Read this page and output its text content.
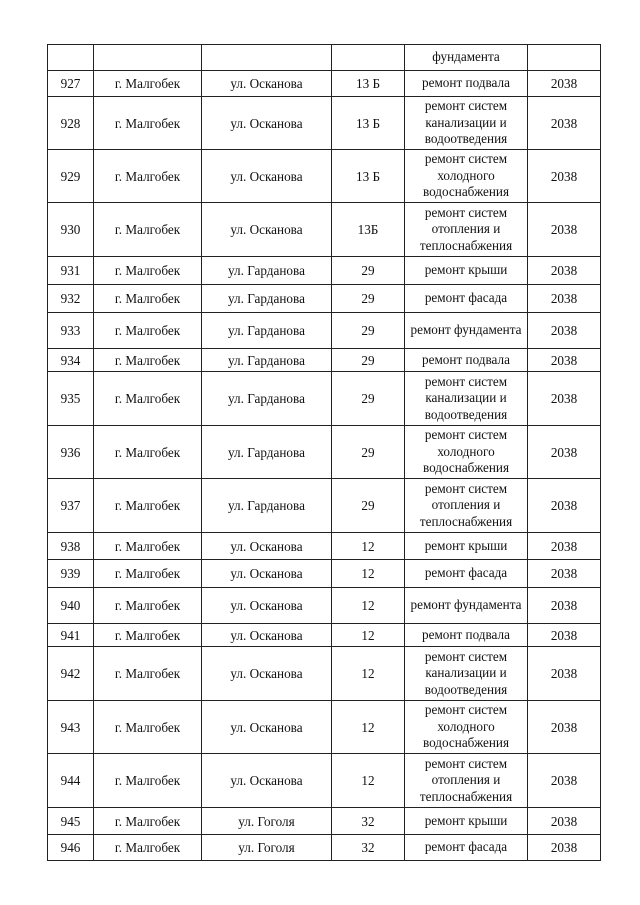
				фундамента	
927	г. Малгобек	ул. Осканова	13 Б	ремонт подвала	2038
928	г. Малгобек	ул. Осканова	13 Б	ремонт систем канализации и водоотведения	2038
929	г. Малгобек	ул. Осканова	13 Б	ремонт систем холодного водоснабжения	2038
930	г. Малгобек	ул. Осканова	13Б	ремонт систем отопления и теплоснабжения	2038
931	г. Малгобек	ул. Гарданова	29	ремонт крыши	2038
932	г. Малгобек	ул. Гарданова	29	ремонт фасада	2038
933	г. Малгобек	ул. Гарданова	29	ремонт фундамента	2038
934	г. Малгобек	ул. Гарданова	29	ремонт подвала	2038
935	г. Малгобек	ул. Гарданова	29	ремонт систем канализации и водоотведения	2038
936	г. Малгобек	ул. Гарданова	29	ремонт систем холодного водоснабжения	2038
937	г. Малгобек	ул. Гарданова	29	ремонт систем отопления и теплоснабжения	2038
938	г. Малгобек	ул. Осканова	12	ремонт крыши	2038
939	г. Малгобек	ул. Осканова	12	ремонт фасада	2038
940	г. Малгобек	ул. Осканова	12	ремонт фундамента	2038
941	г. Малгобек	ул. Осканова	12	ремонт подвала	2038
942	г. Малгобек	ул. Осканова	12	ремонт систем канализации и водоотведения	2038
943	г. Малгобек	ул. Осканова	12	ремонт систем холодного водоснабжения	2038
944	г. Малгобек	ул. Осканова	12	ремонт систем отопления и теплоснабжения	2038
945	г. Малгобек	ул. Гоголя	32	ремонт крыши	2038
946	г. Малгобек	ул. Гоголя	32	ремонт фасада	2038
